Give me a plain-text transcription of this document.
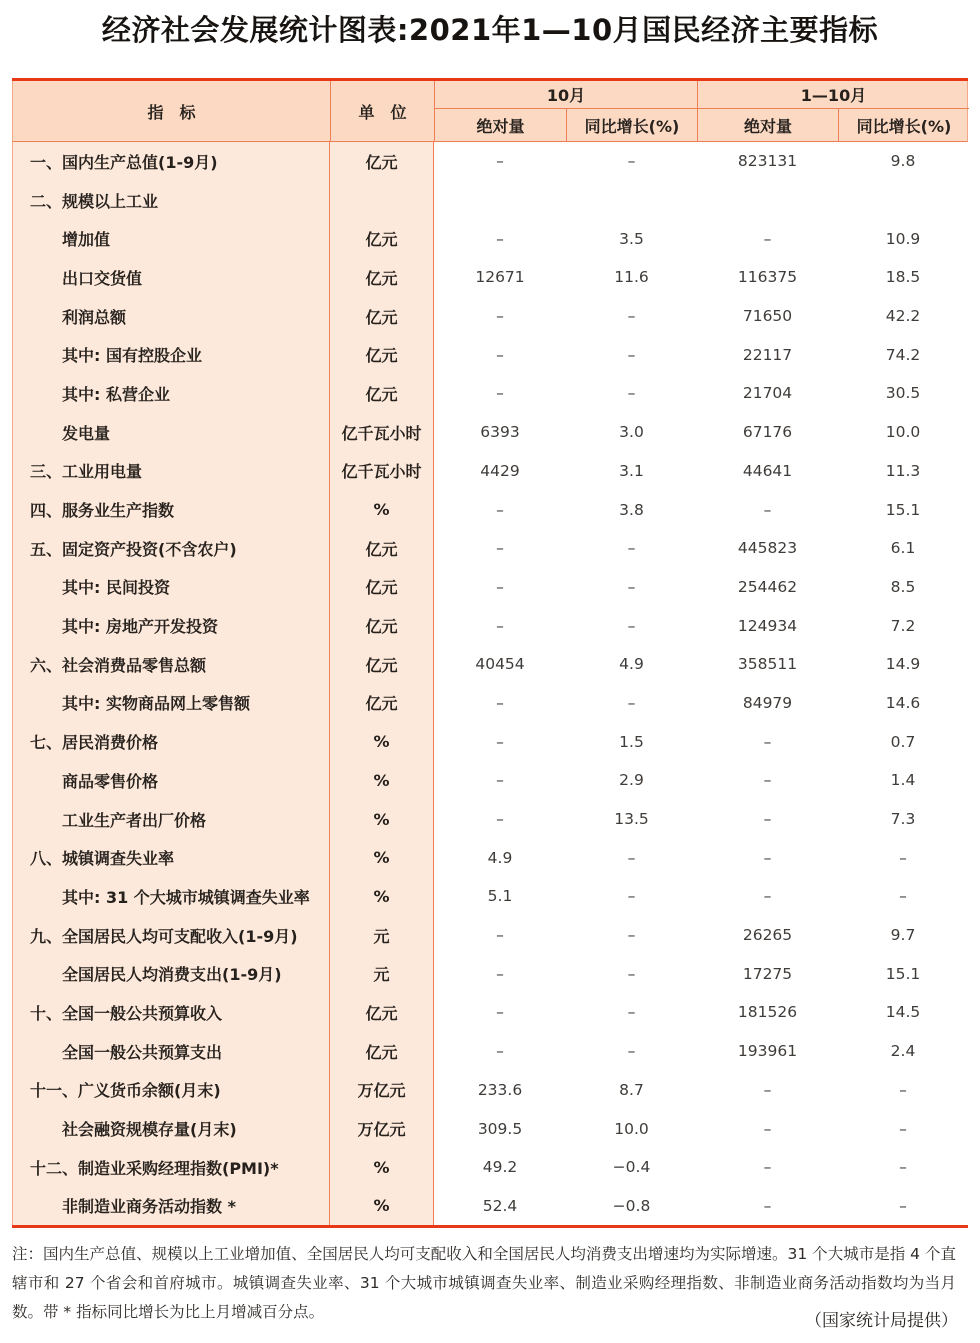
经济社会发展统计图表:2021年1—10月国民经济主要指标
指　标	单　位
10月	1—10月
绝对量	同比增长(%)	绝对量	同比增长(%)
一、国内生产总值(1-9月)	亿元	–	–	823131	9.8
二、规模以上工业
增加值	亿元	–	3.5	–	10.9
出口交货值	亿元	12671	11.6	116375	18.5
利润总额	亿元	–	–	71650	42.2
其中: 国有控股企业	亿元	–	–	22117	74.2
其中: 私营企业	亿元	–	–	21704	30.5
发电量	亿千瓦小时	6393	3.0	67176	10.0
三、工业用电量	亿千瓦小时	4429	3.1	44641	11.3
四、服务业生产指数	%	–	3.8	–	15.1
五、固定资产投资(不含农户)	亿元	–	–	445823	6.1
其中: 民间投资	亿元	–	–	254462	8.5
其中: 房地产开发投资	亿元	–	–	124934	7.2
六、社会消费品零售总额	亿元	40454	4.9	358511	14.9
其中: 实物商品网上零售额	亿元	–	–	84979	14.6
七、居民消费价格	%	–	1.5	–	0.7
商品零售价格	%	–	2.9	–	1.4
工业生产者出厂价格	%	–	13.5	–	7.3
八、城镇调查失业率	%	4.9	–	–	–
其中: 31 个大城市城镇调查失业率	%	5.1	–	–	–
九、全国居民人均可支配收入(1-9月)	元	–	–	26265	9.7
全国居民人均消费支出(1-9月)	元	–	–	17275	15.1
十、全国一般公共预算收入	亿元	–	–	181526	14.5
全国一般公共预算支出	亿元	–	–	193961	2.4
十一、广义货币余额(月末)	万亿元	233.6	8.7	–	–
社会融资规模存量(月末)	万亿元	309.5	10.0	–	–
十二、制造业采购经理指数(PMI)*	%	49.2	−0.4	–	–
非制造业商务活动指数 *	%	52.4	−0.8	–	–
注：国内生产总值、规模以上工业增加值、全国居民人均可支配收入和全国居民人均消费支出增速均为实际增速。31 个大城市是指 4 个直辖市和 27 个省会和首府城市。城镇调查失业率、31 个大城市城镇调查失业率、制造业采购经理指数、非制造业商务活动指数均为当月数。带 * 指标同比增长为比上月增减百分点。	（国家统计局提供）
